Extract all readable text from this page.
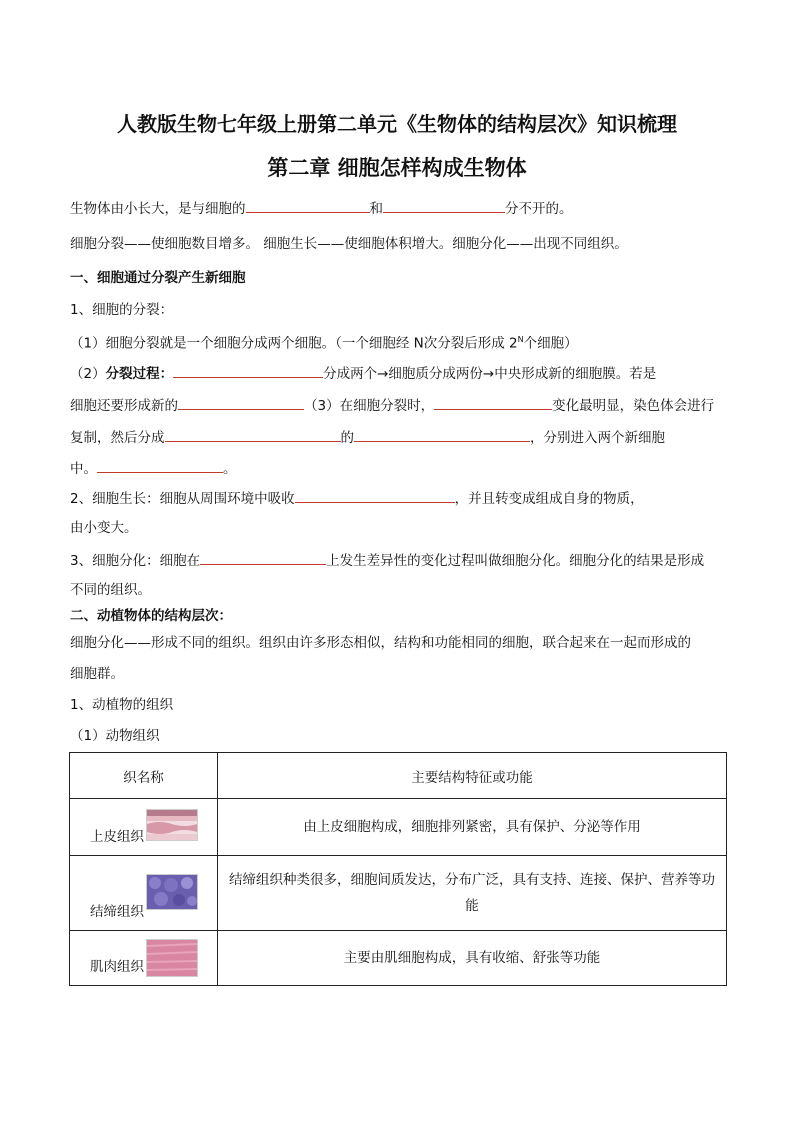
人教版生物七年级上册第二单元《生物体的结构层次》知识梳理
第二章 细胞怎样构成生物体
生物体由小长大，是与细胞的	和	分不开的。
细胞分裂——使细胞数目增多。 细胞生长——使细胞体积增大。细胞分化——出现不同组织。
一、细胞通过分裂产生新细胞
1、细胞的分裂：
（1）细胞分裂就是一个细胞分成两个细胞。（一个细胞经 N次分裂后形成 $2^N$个细胞）
（2）分裂过程：	分成两个→细胞质分成两份→中央形成新的细胞膜。若是
细胞还要形成新的	（3）在细胞分裂时，	变化最明显，染色体会进行
复制，然后分成	的	，分别进入两个新细胞
中。	。
2、细胞生长：细胞从周围环境中吸收	，并且转变成组成自身的物质，
由小变大。
3、细胞分化：细胞在	上发生差异性的变化过程叫做细胞分化。细胞分化的结果是形成
不同的组织。
二、动植物体的结构层次：
细胞分化——形成不同的组织。组织由许多形态相似，结构和功能相同的细胞，联合起来在一起而形成的
细胞群。
1、动植物的组织
（1）动物组织
织名称	主要结构特征或功能

上皮组织	由上皮细胞构成，细胞排列紧密，具有保护、分泌等作用

结缔组织	结缔组织种类很多，细胞间质发达，分布广泛，具有支持、连接、保护、营养等功能

肌肉组织	主要由肌细胞构成，具有收缩、舒张等功能
